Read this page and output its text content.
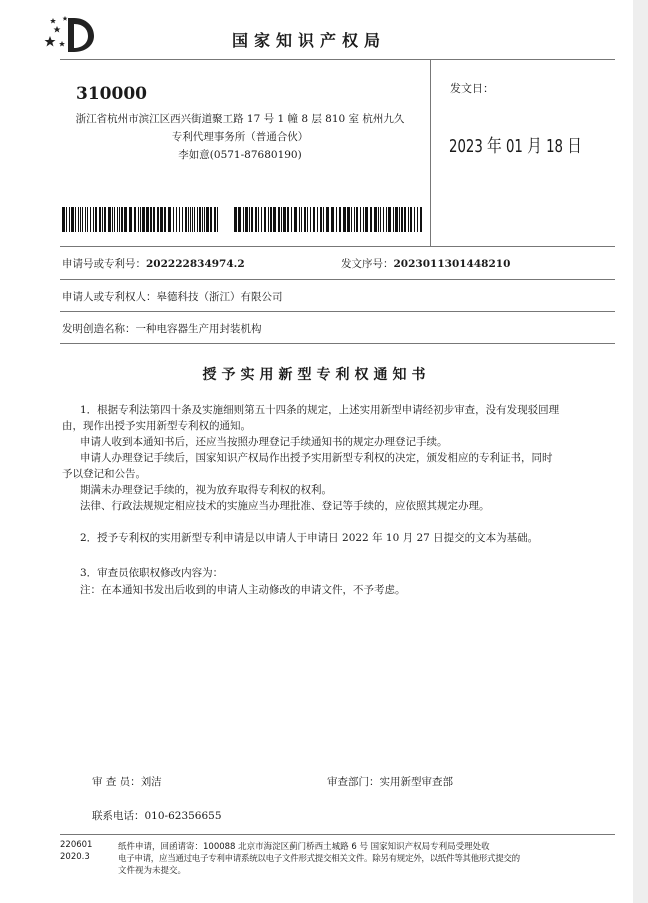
国家知识产权局
310000
浙江省杭州市滨江区西兴街道聚工路 17 号 1 幢 8 层 810 室 杭州九久
专利代理事务所（普通合伙）
李如意(0571-87680190)
发文日：
2023 年 01 月 18 日
申请号或专利号：202222834974.2	发文序号：2023011301448210
申请人或专利权人：皋德科技（浙江）有限公司
发明创造名称：一种电容器生产用封装机构
授予实用新型专利权通知书
1．根据专利法第四十条及实施细则第五十四条的规定，上述实用新型申请经初步审查，没有发现驳回理
由，现作出授予实用新型专利权的通知。
申请人收到本通知书后，还应当按照办理登记手续通知书的规定办理登记手续。
申请人办理登记手续后，国家知识产权局作出授予实用新型专利权的决定，颁发相应的专利证书，同时
予以登记和公告。
期满未办理登记手续的，视为放弃取得专利权的权利。
法律、行政法规规定相应技术的实施应当办理批准、登记等手续的，应依照其规定办理。
2．授予专利权的实用新型专利申请是以申请人于申请日 2022 年 10 月 27 日提交的文本为基础。
3．审查员依职权修改内容为：
注：在本通知书发出后收到的申请人主动修改的申请文件，不予考虑。
审 查 员：刘洁	审查部门：实用新型审查部
联系电话：010-62356655
220601
2020.3
纸件申请，回函请寄：100088 北京市海淀区蓟门桥西土城路 6 号 国家知识产权局专利局受理处收
电子申请，应当通过电子专利申请系统以电子文件形式提交相关文件。除另有规定外，以纸件等其他形式提交的
文件视为未提交。
